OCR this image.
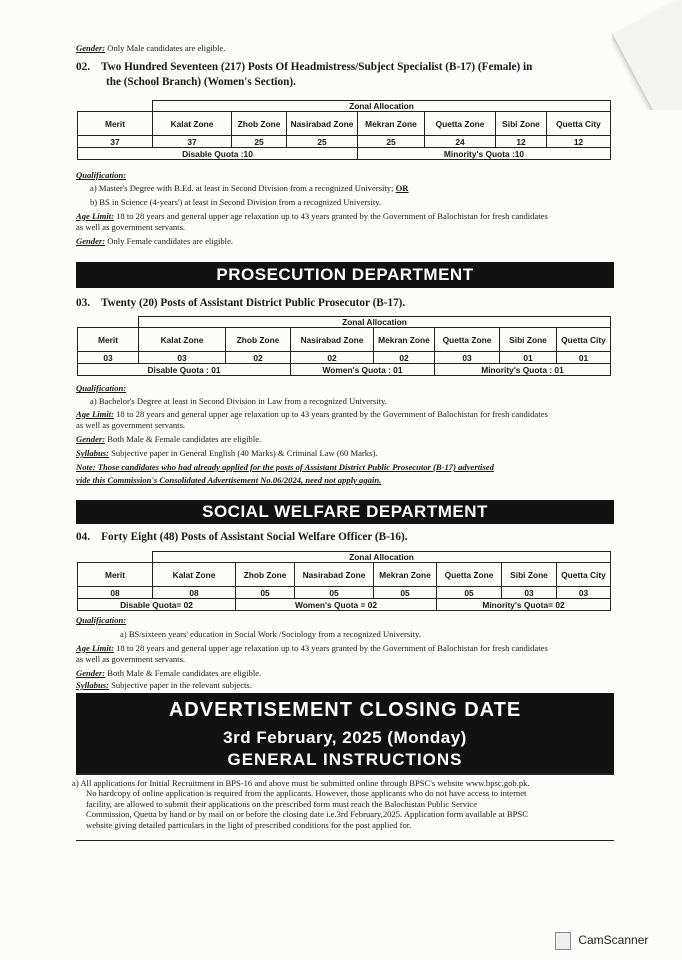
Gender: Only Male candidates are eligible.
02. Two Hundred Seventeen (217) Posts Of Headmistress/Subject Specialist (B-17) (Female) in
the (School Branch) (Women's Section).
	Zonal Allocation						
Merit	Kalat Zone	Zhob Zone	Nasirabad Zone	Mekran Zone	Quetta Zone	Sibi Zone	Quetta City
37	37	25	25	25	24	12	12
Disable Quota :10				Minority's Quota :10			
Qualification:
a) Master's Degree with B.Ed. at least in Second Division from a recognized University; OR
b) BS in Science (4-years') at least in Second Division from a recognized University.
Age Limit: 18 to 28 years and general upper age relaxation up to 43 years granted by the Government of Balochistan for fresh candidates
as well as government servants.
Gender: Only Female candidates are eligible.
PROSECUTION DEPARTMENT
03. Twenty (20) Posts of Assistant District Public Prosecutor (B-17).
	Zonal Allocation						
Merit	Kalat Zone	Zhob Zone	Nasirabad Zone	Mekran Zone	Quetta Zone	Sibi Zone	Quetta City
03	03	02	02	02	03	01	01
Disable Quota : 01			Women's Quota : 01		Minority's Quota : 01		
Qualification:
a) Bachelor's Degree at least in Second Division in Law from a recognized University.
Age Limit: 18 to 28 years and general upper age relaxation up to 43 years granted by the Government of Balochistan for fresh candidates
as well as government servants.
Gender: Both Male & Female candidates are eligible.
Syllabus: Subjective paper in General English (40 Marks) & Criminal Law (60 Marks).
Note: Those candidates who had already applied for the posts of Assistant District Public Prosecutor (B-17) advertised
vide this Commission's Consolidated Advertisement No.06/2024, need not apply again.
SOCIAL WELFARE DEPARTMENT
04. Forty Eight (48) Posts of Assistant Social Welfare Officer (B-16).
	Zonal Allocation						
Merit	Kalat Zone	Zhob Zone	Nasirabad Zone	Mekran Zone	Quetta Zone	Sibi Zone	Quetta City
08	08	05	05	05	05	03	03
Disable Quota= 02		Women's Quota = 02			Minority's Quota= 02		
Qualification:
a) BS/sixteen years' education in Social Work /Sociology from a recognized University.
Age Limit: 18 to 28 years and general upper age relaxation up to 43 years granted by the Government of Balochistan for fresh candidates
as well as government servants.
Gender: Both Male & Female candidates are eligible.
Syllabus: Subjective paper in the relevant subjects.
ADVERTISEMENT CLOSING DATE
3rd February, 2025 (Monday)
GENERAL INSTRUCTIONS
a) All applications for Initial Recruitment in BPS-16 and above must be submitted online through BPSC's website www.bpsc.gob.pk.
No hardcopy of online application is required from the applicants. However, those applicants who do not have access to internet
facility, are allowed to submit their applications on the prescribed form must reach the Balochistan Public Service
Commission, Quetta by hand or by mail on or before the closing date i.e.3rd February,2025. Application form available at BPSC
website giving detailed particulars in the light of prescribed conditions for the post applied for.
CamScanner
